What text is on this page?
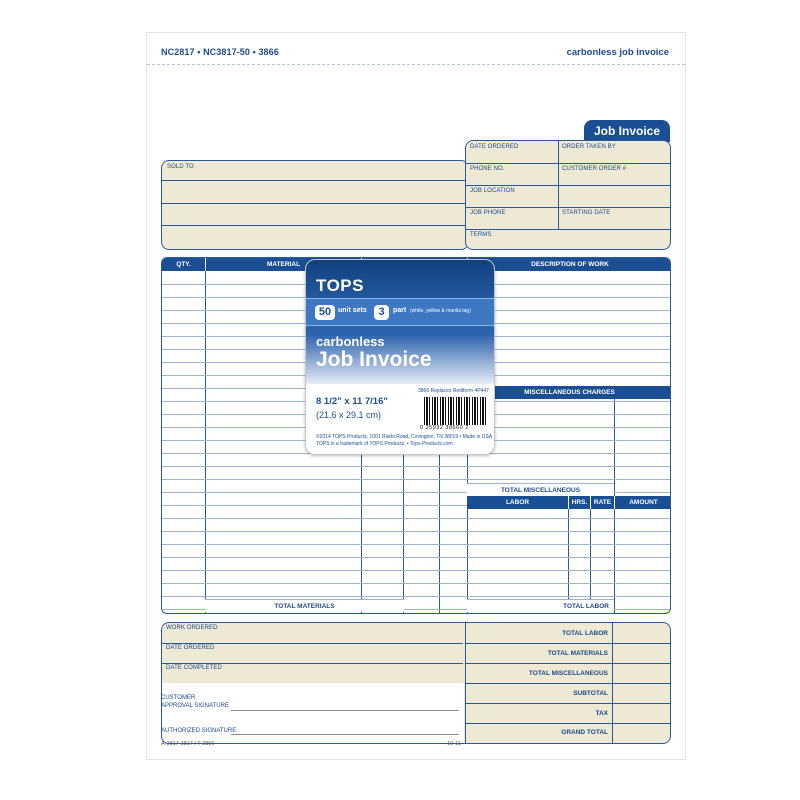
NC2817 • NC3817-50 • 3866	carbonless job invoice
Job Invoice
SOLD TO
DATE ORDERED	ORDER TAKEN BY
PHONE NO.	CUSTOMER ORDER #
JOB LOCATION
JOB PHONE	STARTING DATE
TERMS
QTY.	MATERIAL	DESCRIPTION OF WORK
MISCELLANEOUS CHARGES
TOTAL MISCELLANEOUS
LABOR	HRS.	RATE	AMOUNT
TOTAL MATERIALS	TOTAL LABOR
WORK ORDERED
DATE ORDERED
DATE COMPLETED
TOTAL LABOR
TOTAL MATERIALS
TOTAL MISCELLANEOUS
SUBTOTAL
TAX
GRAND TOTAL
CUSTOMER
APPROVAL SIGNATURE
AUTHORIZED SIGNATURE
A-2817-3817 / T-3866	10-11
TOPS
50 unit sets	3	part (white, yellow & manila tag)
carbonless
Job Invoice
3866 Replaces Rediform 4P447
8 1/2" x 11 7/16"
(21.6 x 29.1 cm)
0 25932 38660 2
©2014 TOPS Products, 1001 Rialto Road, Covington, TN 38019 • Made in USA
TOPS is a trademark of TOPS Products. • Tops-Products.com
